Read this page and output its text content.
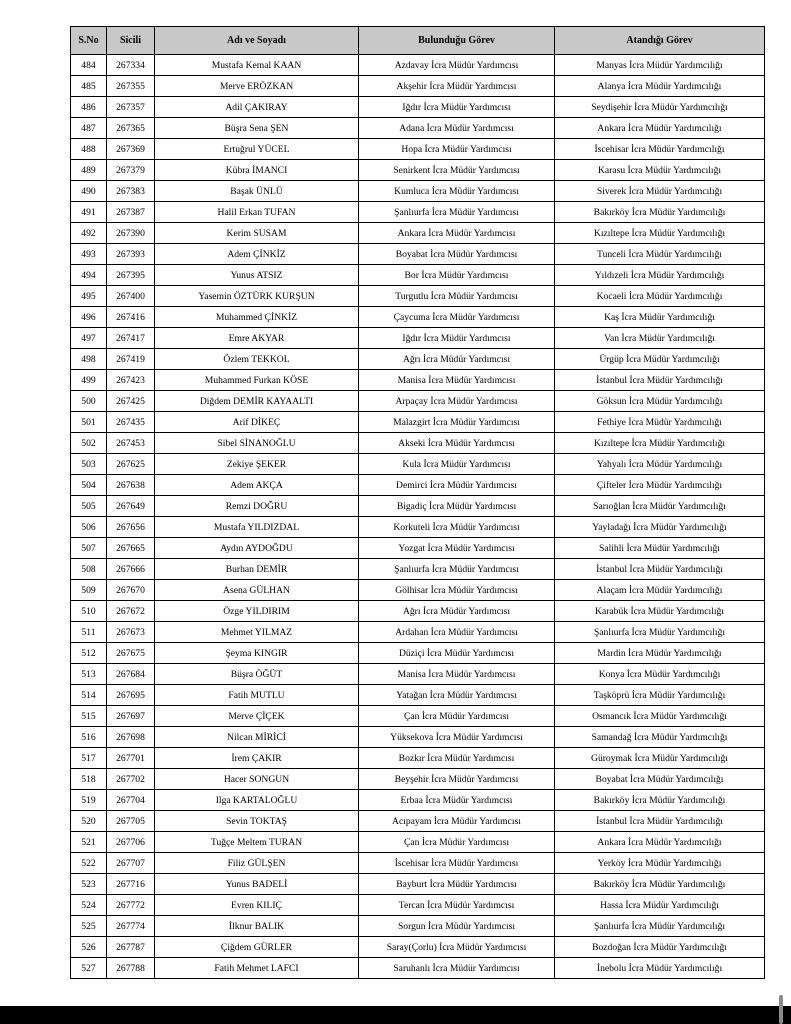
S.No	Sicili	Adı ve Soyadı	Bulunduğu Görev	Atandığı Görev
484	267334	Mustafa Kemal KAAN	Azdavay İcra Müdür Yardımcısı	Manyas İcra Müdür Yardımcılığı
485	267355	Merve ERÖZKAN	Akşehir İcra Müdür Yardımcısı	Alanya İcra Müdür Yardımcılığı
486	267357	Adil ÇAKIRAY	Iğdır İcra Müdür Yardımcısı	Seydişehir İcra Müdür Yardımcılığı
487	267365	Büşra Sena ŞEN	Adana İcra Müdür Yardımcısı	Ankara İcra Müdür Yardımcılığı
488	267369	Ertuğrul YÜCEL	Hopa İcra Müdür Yardımcısı	İscehisar İcra Müdür Yardımcılığı
489	267379	Kübra İMANCI	Senirkent İcra Müdür Yardımcısı	Karasu İcra Müdür Yardımcılığı
490	267383	Başak ÜNLÜ	Kumluca İcra Müdür Yardımcısı	Siverek İcra Müdür Yardımcılığı
491	267387	Halil Erkan TUFAN	Şanlıurfa İcra Müdür Yardımcısı	Bakırköy İcra Müdür Yardımcılığı
492	267390	Kerim SUSAM	Ankara İcra Müdür Yardımcısı	Kızıltepe İcra Müdür Yardımcılığı
493	267393	Adem ÇİNKİZ	Boyabat İcra Müdür Yardımcısı	Tunceli İcra Müdür Yardımcılığı
494	267395	Yunus ATSIZ	Bor İcra Müdür Yardımcısı	Yıldızeli İcra Müdür Yardımcılığı
495	267400	Yasemin ÖZTÜRK KURŞUN	Turgutlu İcra Müdür Yardımcısı	Kocaeli İcra Müdür Yardımcılığı
496	267416	Muhammed ÇİNKİZ	Çaycuma İcra Müdür Yardımcısı	Kaş İcra Müdür Yardımcılığı
497	267417	Emre AKYAR	Iğdır İcra Müdür Yardımcısı	Van İcra Müdür Yardımcılığı
498	267419	Özlem TEKKOL	Ağrı İcra Müdür Yardımcısı	Ürgüp İcra Müdür Yardımcılığı
499	267423	Muhammed Furkan KÖSE	Manisa İcra Müdür Yardımcısı	İstanbul İcra Müdür Yardımcılığı
500	267425	Diğdem DEMİR KAYAALTI	Arpaçay İcra Müdür Yardımcısı	Göksun İcra Müdür Yardımcılığı
501	267435	Arif DİKEÇ	Malazgirt İcra Müdür Yardımcısı	Fethiye İcra Müdür Yardımcılığı
502	267453	Sibel SİNANOĞLU	Akseki İcra Müdür Yardımcısı	Kızıltepe İcra Müdür Yardımcılığı
503	267625	Zekiye ŞEKER	Kula İcra Müdür Yardımcısı	Yahyalı İcra Müdür Yardımcılığı
504	267638	Adem AKÇA	Demirci İcra Müdür Yardımcısı	Çifteler İcra Müdür Yardımcılığı
505	267649	Remzi DOĞRU	Bigadiç İcra Müdür Yardımcısı	Sarıoğlan İcra Müdür Yardımcılığı
506	267656	Mustafa YILDIZDAL	Korkuteli İcra Müdür Yardımcısı	Yayladağı İcra Müdür Yardımcılığı
507	267665	Aydın AYDOĞDU	Yozgat İcra Müdür Yardımcısı	Salihli İcra Müdür Yardımcılığı
508	267666	Burhan DEMİR	Şanlıurfa İcra Müdür Yardımcısı	İstanbul İcra Müdür Yardımcılığı
509	267670	Asena GÜLHAN	Gölhisar İcra Müdür Yardımcısı	Alaçam İcra Müdür Yardımcılığı
510	267672	Özge YILDIRIM	Ağrı İcra Müdür Yardımcısı	Karabük İcra Müdür Yardımcılığı
511	267673	Mehmet YILMAZ	Ardahan İcra Müdür Yardımcısı	Şanlıurfa İcra Müdür Yardımcılığı
512	267675	Şeyma KINGIR	Düziçi İcra Müdür Yardımcısı	Mardin İcra Müdür Yardımcılığı
513	267684	Büşra ÖĞÜT	Manisa İcra Müdür Yardımcısı	Konya İcra Müdür Yardımcılığı
514	267695	Fatih MUTLU	Yatağan İcra Müdür Yardımcısı	Taşköprü İcra Müdür Yardımcılığı
515	267697	Merve ÇİÇEK	Çan İcra Müdür Yardımcısı	Osmancık İcra Müdür Yardımcılığı
516	267698	Nilcan MİRİCİ	Yüksekova İcra Müdür Yardımcısı	Samandağ İcra Müdür Yardımcılığı
517	267701	İrem ÇAKIR	Bozkır İcra Müdür Yardımcısı	Güroymak İcra Müdür Yardımcılığı
518	267702	Hacer SONGUN	Beyşehir İcra Müdür Yardımcısı	Boyabat İcra Müdür Yardımcılığı
519	267704	Ilga KARTALOĞLU	Erbaa İcra Müdür Yardımcısı	Bakırköy İcra Müdür Yardımcılığı
520	267705	Sevin TOKTAŞ	Acıpayam İcra Müdür Yardımcısı	İstanbul İcra Müdür Yardımcılığı
521	267706	Tuğçe Meltem TURAN	Çan İcra Müdür Yardımcısı	Ankara İcra Müdür Yardımcılığı
522	267707	Filiz GÜLŞEN	İscehisar İcra Müdür Yardımcısı	Yerköy İcra Müdür Yardımcılığı
523	267716	Yunus BADELİ	Bayburt İcra Müdür Yardımcısı	Bakırköy İcra Müdür Yardımcılığı
524	267772	Evren KILIÇ	Tercan İcra Müdür Yardımcısı	Hassa İcra Müdür Yardımcılığı
525	267774	İlknur BALIK	Sorgun İcra Müdür Yardımcısı	Şanlıurfa İcra Müdür Yardımcılığı
526	267787	Çiğdem GÜRLER	Saray(Çorlu) İcra Müdür Yardımcısı	Bozdoğan İcra Müdür Yardımcılığı
527	267788	Fatih Mehmet LAFCI	Saruhanlı İcra Müdür Yardımcısı	İnebolu İcra Müdür Yardımcılığı
